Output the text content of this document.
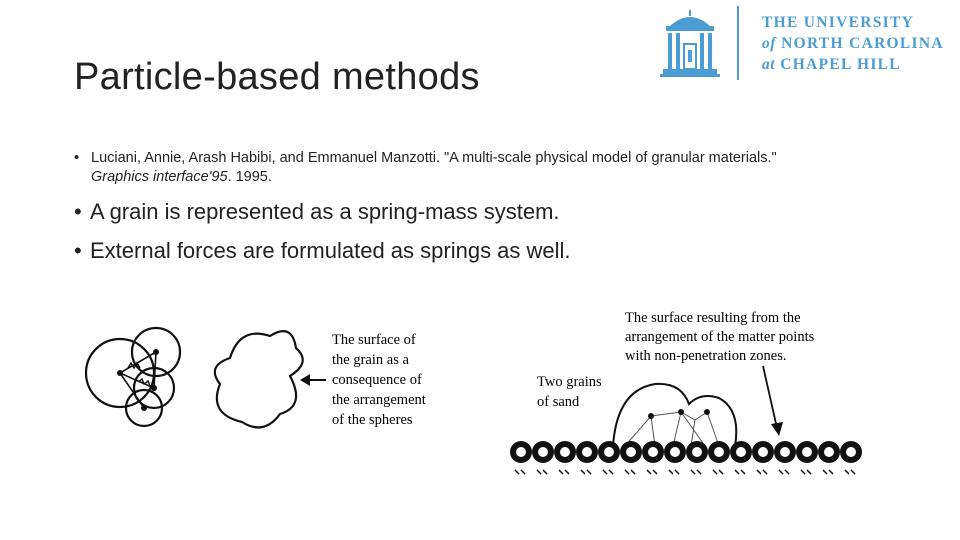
Particle-based methods
THE UNIVERSITY
of NORTH CAROLINA
at CHAPEL HILL
• Luciani, Annie, Arash Habibi, and Emmanuel Manzotti. "A multi-scale physical model of granular materials." Graphics interface'95. 1995.
• A grain is represented as a spring-mass system.
• External forces are formulated as springs as well.
The surface of
the grain as a
consequence of
the arrangement
of the spheres
The surface resulting from the
arrangement of the matter points
with non-penetration zones.
Two grains
of sand
